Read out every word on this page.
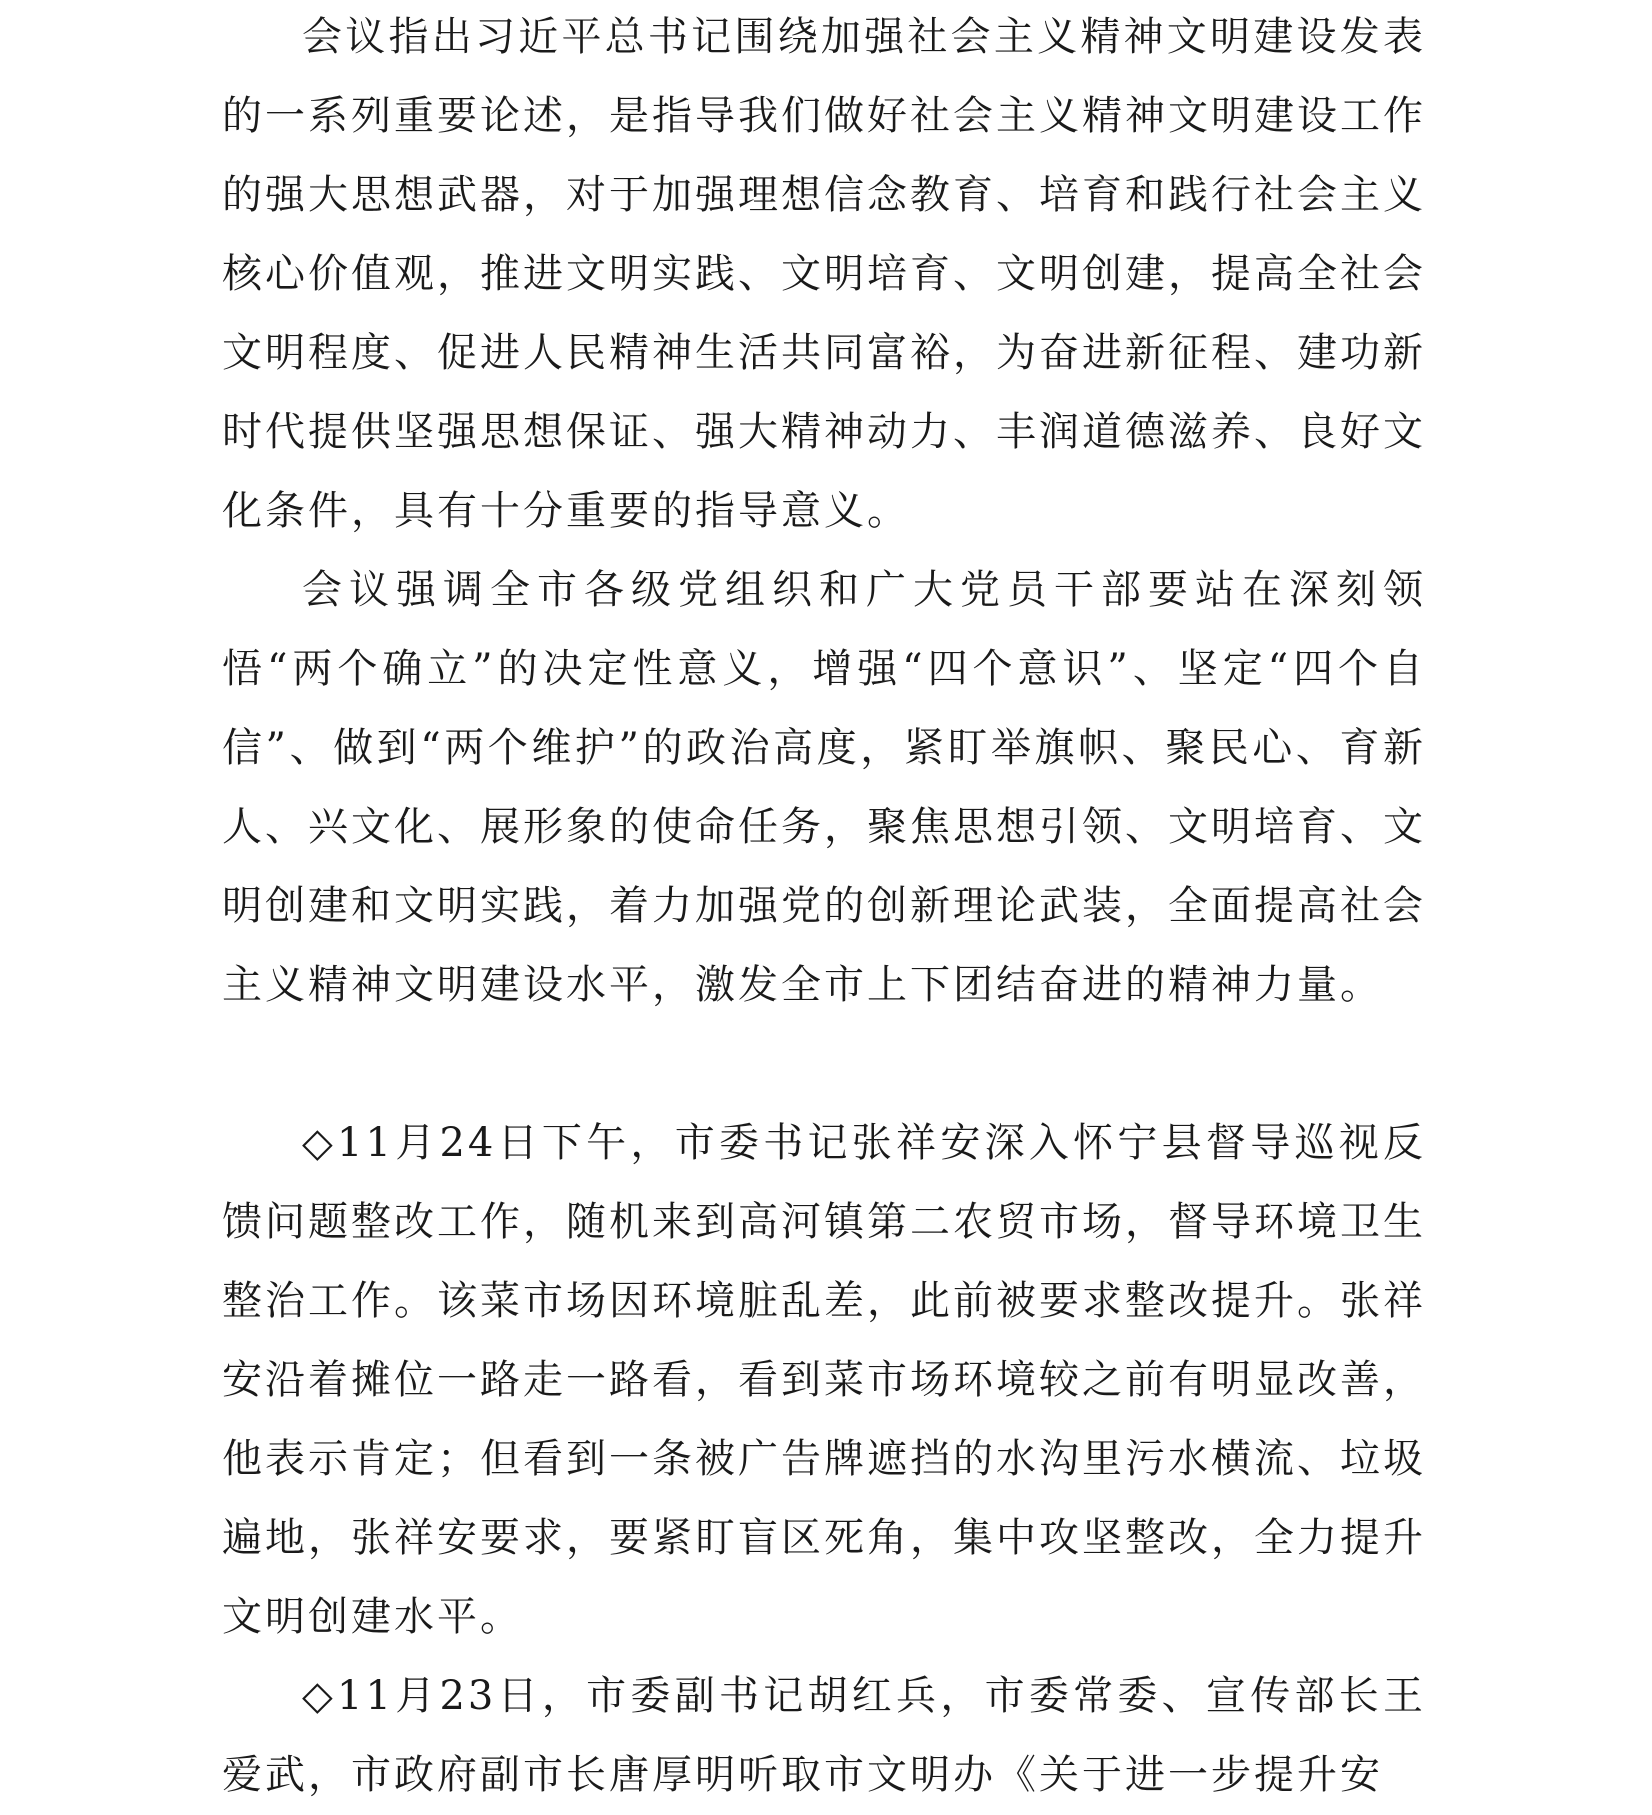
会议指出习近平总书记围绕加强社会主义精神文明建设发表的一系列重要论述，是指导我们做好社会主义精神文明建设工作的强大思想武器，对于加强理想信念教育、培育和践行社会主义核心价值观，推进文明实践、文明培育、文明创建，提高全社会文明程度、促进人民精神生活共同富裕，为奋进新征程、建功新时代提供坚强思想保证、强大精神动力、丰润道德滋养、良好文化条件，具有十分重要的指导意义。

会议强调全市各级党组织和广大党员干部要站在深刻领悟“两个确立”的决定性意义，增强“四个意识”、坚定“四个自信”、做到“两个维护”的政治高度，紧盯举旗帜、聚民心、育新人、兴文化、展形象的使命任务，聚焦思想引领、文明培育、文明创建和文明实践，着力加强党的创新理论武装，全面提高社会主义精神文明建设水平，激发全市上下团结奋进的精神力量。

◇11月24日下午，市委书记张祥安深入怀宁县督导巡视反馈问题整改工作，随机来到高河镇第二农贸市场，督导环境卫生整治工作。该菜市场因环境脏乱差，此前被要求整改提升。张祥安沿着摊位一路走一路看，看到菜市场环境较之前有明显改善，他表示肯定；但看到一条被广告牌遮挡的水沟里污水横流、垃圾遍地，张祥安要求，要紧盯盲区死角，集中攻坚整改，全力提升文明创建水平。

◇11月23日，市委副书记胡红兵，市委常委、宣传部长王爱武，市政府副市长唐厚明听取市文明办《关于进一步提升安
